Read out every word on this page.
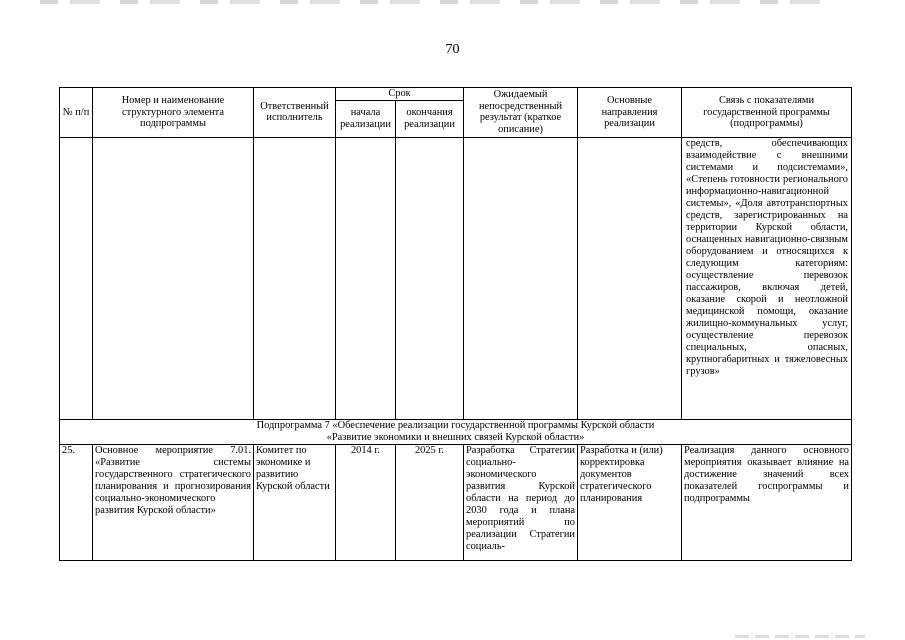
70
№ п/п	Номер и наименование структурного элемента подпрограммы	Ответственный исполнитель	Срок		Ожидаемый непосредственный результат (краткое описание)	Основные направления реализации	Связь с показателями государственной программы (подпрограммы)
			начала реализации	окончания реализации			
							средств, обеспечивающих взаимодействие с внешними системами и подсистемами», «Степень готовности регионального информационно-навигационной системы», «Доля автотранспортных средств, зарегистрированных на территории Курской области, оснащенных навигационно-связным оборудованием и относящихся к следующим категориям: осуществление перевозок пассажиров, включая детей, оказание скорой и неотложной медицинской помощи, оказание жилищно-коммунальных услуг, осуществление перевозок специальных, опасных, крупногабаритных и тяжеловесных грузов»

Подпрограмма 7 «Обеспечение реализации государственной программы Курской области
«Развитие экономики и внешних связей Курской области»							

25.	Основное мероприятие 7.01. «Развитие системы государственного стратегического планирования и прогнозирования социально-экономического развития Курской области»	Комитет по экономике и развитию Курской области	2014 г.	2025 г.	Разработка Стратегии социально-экономического развития Курской области на период до 2030 года и плана мероприятий по реализации Стратегии социаль-	Разработка и (или) корректировка документов стратегического планирования	Реализация данного основного мероприятия оказывает влияние на достижение значений всех показателей госпрограммы и подпрограммы
